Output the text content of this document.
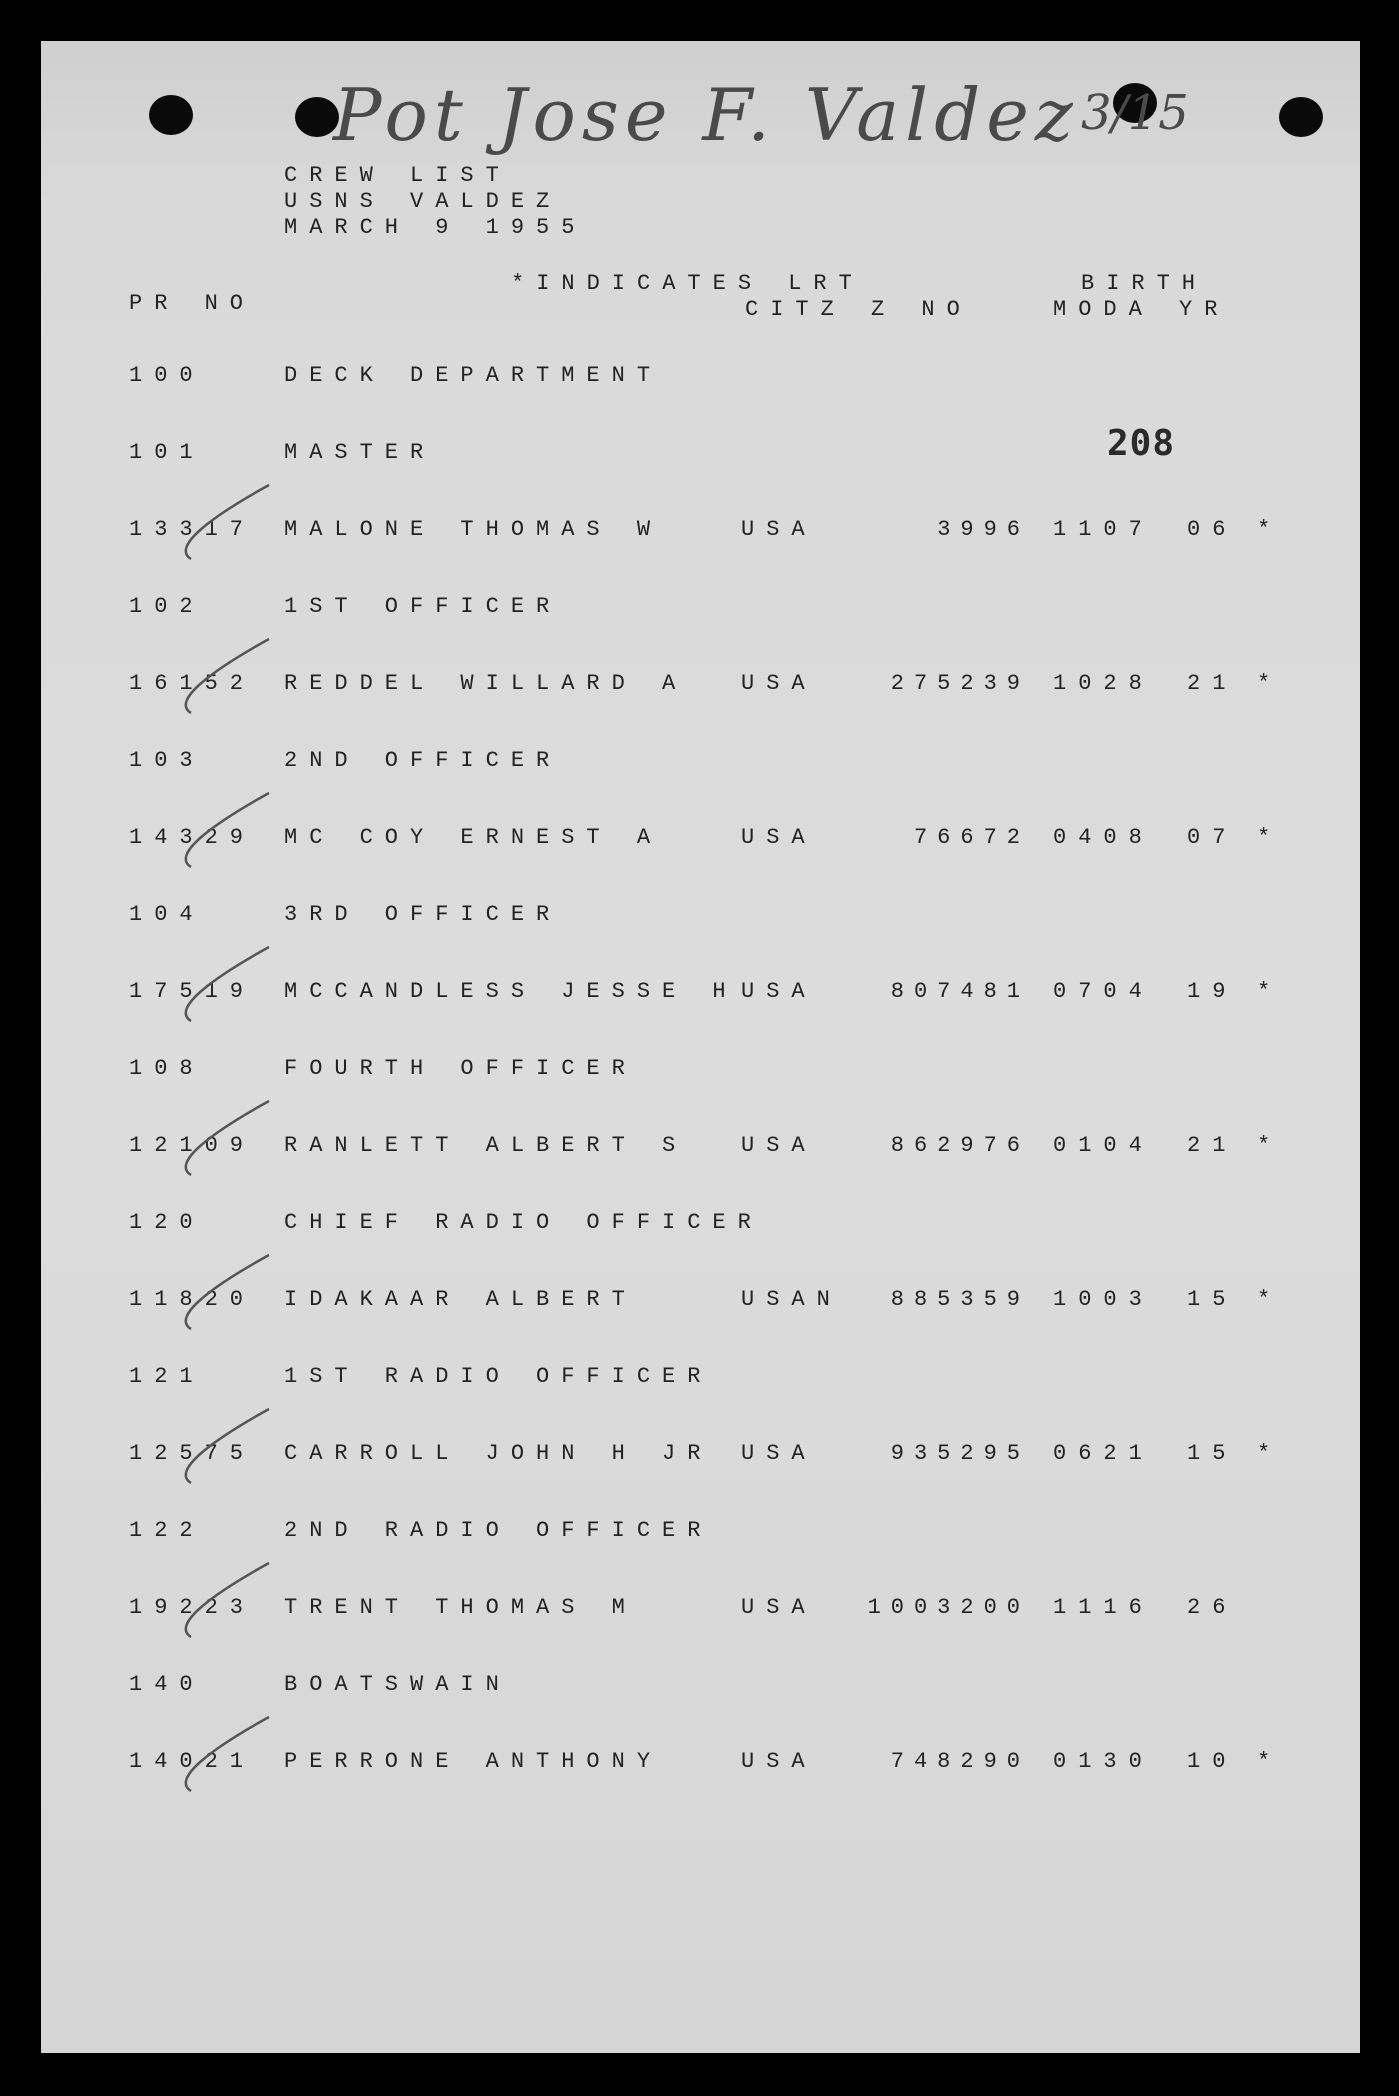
Pot Jose F. Valdez 3/15
208
CREW LIST
USNS VALDEZ
MARCH 9 1955
PR NO
*INDICATES LRT
CITZ Z NO
BIRTH
MODA YR
100	DECK DEPARTMENT
101	MASTER
13317 MALONE THOMAS W	USA	3996 1107 06 *
102	1ST OFFICER
16152 REDDEL WILLARD A USA	275239 1028 21 *
103	2ND OFFICER
14329 MC COY ERNEST A	USA	76672 0408 07 *
104	3RD OFFICER
17519 MCCANDLESS JESSE H USA	807481 0704 19 *
108	FOURTH OFFICER
12109 RANLETT ALBERT S USA	862976 0104 21 *
120	CHIEF RADIO OFFICER
11820 IDAKAAR ALBERT	USAN 885359 1003 15 *
121	1ST RADIO OFFICER
12575 CARROLL JOHN H JR USA	935295 0621 15 *
122	2ND RADIO OFFICER
19223 TRENT THOMAS M	USA 1003200 1116 26
140	BOATSWAIN
14021 PERRONE ANTHONY	USA	748290 0130 10 *
